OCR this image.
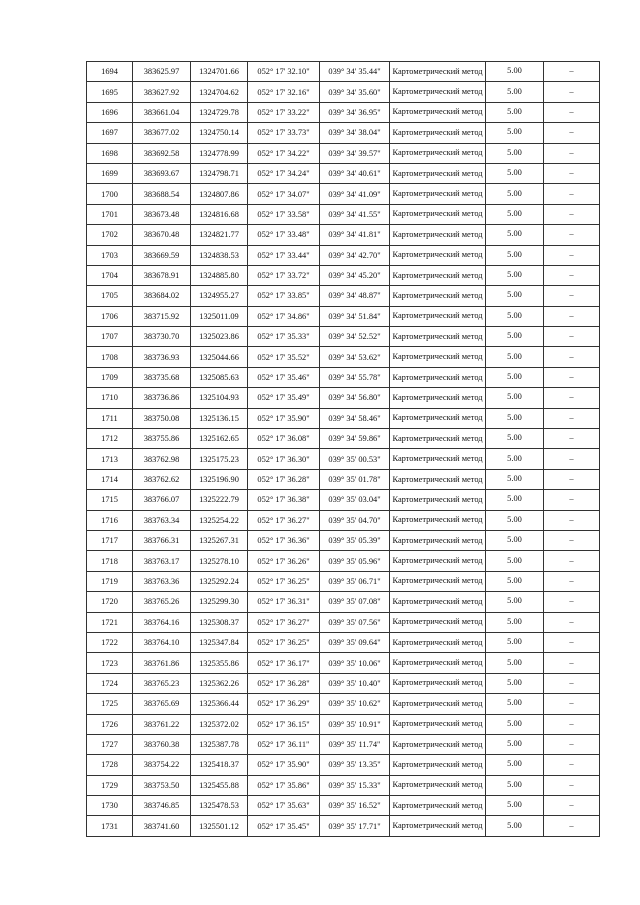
1694	383625.97	1324701.66	052° 17' 32.10"	039° 34' 35.44"	Картометрический метод	5.00	–
1695	383627.92	1324704.62	052° 17' 32.16"	039° 34' 35.60"	Картометрический метод	5.00	–
1696	383661.04	1324729.78	052° 17' 33.22"	039° 34' 36.95"	Картометрический метод	5.00	–
1697	383677.02	1324750.14	052° 17' 33.73"	039° 34' 38.04"	Картометрический метод	5.00	–
1698	383692.58	1324778.99	052° 17' 34.22"	039° 34' 39.57"	Картометрический метод	5.00	–
1699	383693.67	1324798.71	052° 17' 34.24"	039° 34' 40.61"	Картометрический метод	5.00	–
1700	383688.54	1324807.86	052° 17' 34.07"	039° 34' 41.09"	Картометрический метод	5.00	–
1701	383673.48	1324816.68	052° 17' 33.58"	039° 34' 41.55"	Картометрический метод	5.00	–
1702	383670.48	1324821.77	052° 17' 33.48"	039° 34' 41.81"	Картометрический метод	5.00	–
1703	383669.59	1324838.53	052° 17' 33.44"	039° 34' 42.70"	Картометрический метод	5.00	–
1704	383678.91	1324885.80	052° 17' 33.72"	039° 34' 45.20"	Картометрический метод	5.00	–
1705	383684.02	1324955.27	052° 17' 33.85"	039° 34' 48.87"	Картометрический метод	5.00	–
1706	383715.92	1325011.09	052° 17' 34.86"	039° 34' 51.84"	Картометрический метод	5.00	–
1707	383730.70	1325023.86	052° 17' 35.33"	039° 34' 52.52"	Картометрический метод	5.00	–
1708	383736.93	1325044.66	052° 17' 35.52"	039° 34' 53.62"	Картометрический метод	5.00	–
1709	383735.68	1325085.63	052° 17' 35.46"	039° 34' 55.78"	Картометрический метод	5.00	–
1710	383736.86	1325104.93	052° 17' 35.49"	039° 34' 56.80"	Картометрический метод	5.00	–
1711	383750.08	1325136.15	052° 17' 35.90"	039° 34' 58.46"	Картометрический метод	5.00	–
1712	383755.86	1325162.65	052° 17' 36.08"	039° 34' 59.86"	Картометрический метод	5.00	–
1713	383762.98	1325175.23	052° 17' 36.30"	039° 35' 00.53"	Картометрический метод	5.00	–
1714	383762.62	1325196.90	052° 17' 36.28"	039° 35' 01.78"	Картометрический метод	5.00	–
1715	383766.07	1325222.79	052° 17' 36.38"	039° 35' 03.04"	Картометрический метод	5.00	–
1716	383763.34	1325254.22	052° 17' 36.27"	039° 35' 04.70"	Картометрический метод	5.00	–
1717	383766.31	1325267.31	052° 17' 36.36"	039° 35' 05.39"	Картометрический метод	5.00	–
1718	383763.17	1325278.10	052° 17' 36.26"	039° 35' 05.96"	Картометрический метод	5.00	–
1719	383763.36	1325292.24	052° 17' 36.25"	039° 35' 06.71"	Картометрический метод	5.00	–
1720	383765.26	1325299.30	052° 17' 36.31"	039° 35' 07.08"	Картометрический метод	5.00	–
1721	383764.16	1325308.37	052° 17' 36.27"	039° 35' 07.56"	Картометрический метод	5.00	–
1722	383764.10	1325347.84	052° 17' 36.25"	039° 35' 09.64"	Картометрический метод	5.00	–
1723	383761.86	1325355.86	052° 17' 36.17"	039° 35' 10.06"	Картометрический метод	5.00	–
1724	383765.23	1325362.26	052° 17' 36.28"	039° 35' 10.40"	Картометрический метод	5.00	–
1725	383765.69	1325366.44	052° 17' 36.29"	039° 35' 10.62"	Картометрический метод	5.00	–
1726	383761.22	1325372.02	052° 17' 36.15"	039° 35' 10.91"	Картометрический метод	5.00	–
1727	383760.38	1325387.78	052° 17' 36.11"	039° 35' 11.74"	Картометрический метод	5.00	–
1728	383754.22	1325418.37	052° 17' 35.90"	039° 35' 13.35"	Картометрический метод	5.00	–
1729	383753.50	1325455.88	052° 17' 35.86"	039° 35' 15.33"	Картометрический метод	5.00	–
1730	383746.85	1325478.53	052° 17' 35.63"	039° 35' 16.52"	Картометрический метод	5.00	–
1731	383741.60	1325501.12	052° 17' 35.45"	039° 35' 17.71"	Картометрический метод	5.00	–
